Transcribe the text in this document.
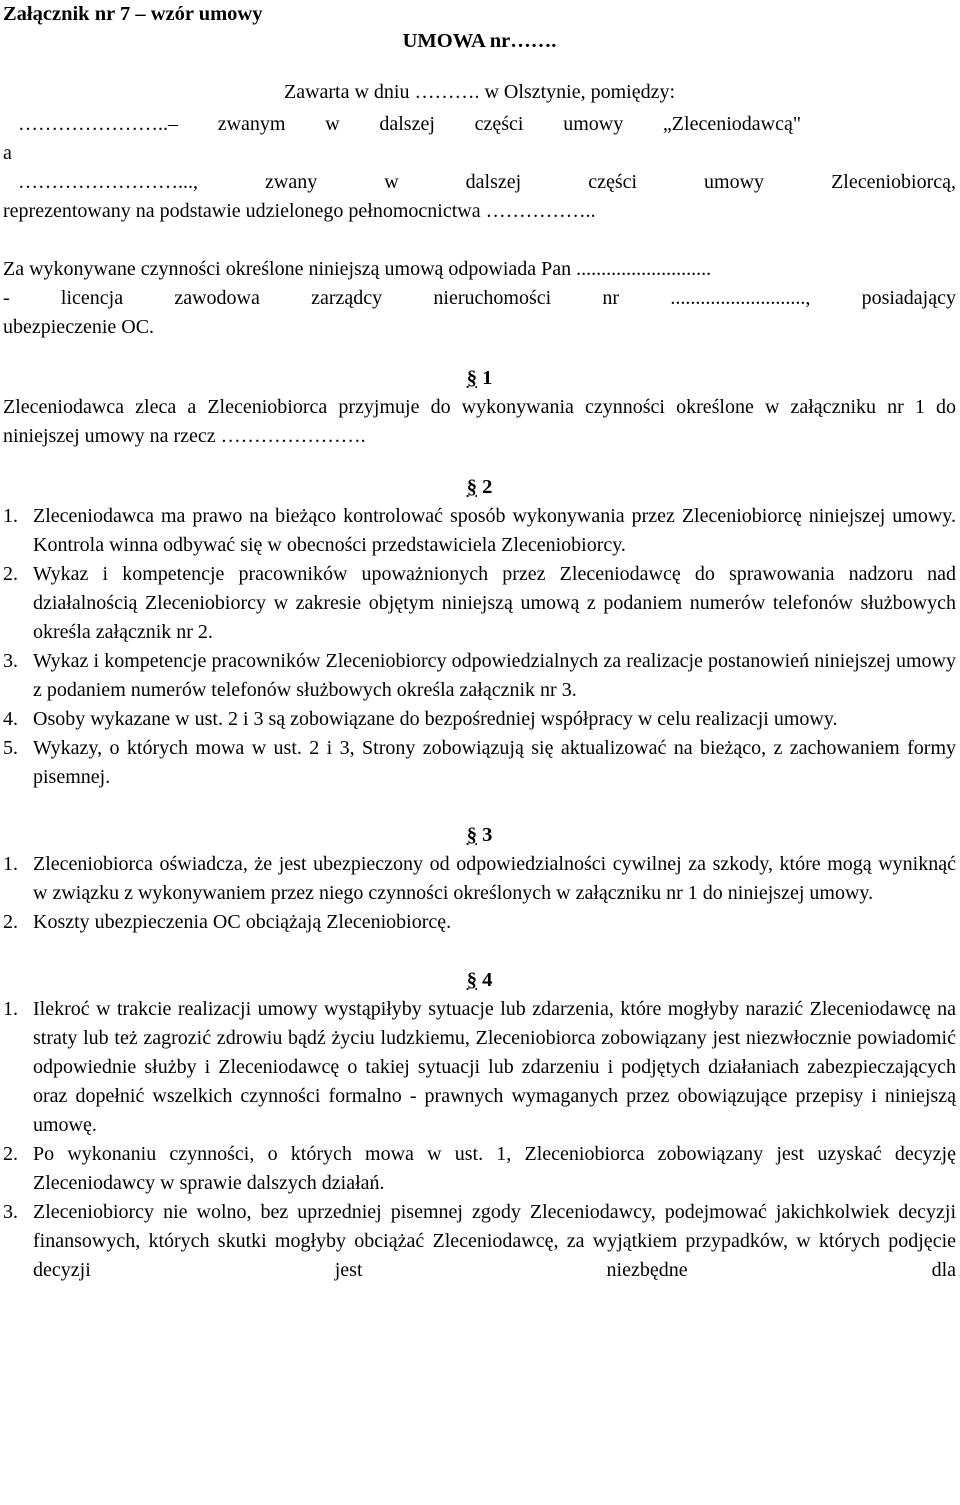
Załącznik nr 7 – wzór umowy
UMOWA nr…….
Zawarta w dniu ………. w Olsztynie, pomiędzy:
…………………..– zwanym w dalszej części umowy „Zleceniodawcą"
a
……………………..., zwany w dalszej części umowy Zleceniobiorcą,
reprezentowany na podstawie udzielonego pełnomocnictwa ……………..
Za wykonywane czynności określone niniejszą umową odpowiada Pan ...........................
- licencja zawodowa zarządcy nieruchomości nr ..........................., posiadający
ubezpieczenie OC.
§ 1
Zleceniodawca zleca a Zleceniobiorca przyjmuje do wykonywania czynności określone w załączniku nr 1 do niniejszej umowy na rzecz ………………….
§ 2
1. Zleceniodawca ma prawo na bieżąco kontrolować sposób wykonywania przez Zleceniobiorcę niniejszej umowy. Kontrola winna odbywać się w obecności przedstawiciela Zleceniobiorcy.
2. Wykaz i kompetencje pracowników upoważnionych przez Zleceniodawcę do sprawowania nadzoru nad działalnością Zleceniobiorcy w zakresie objętym niniejszą umową z podaniem numerów telefonów służbowych określa załącznik nr 2.
3. Wykaz i kompetencje pracowników Zleceniobiorcy odpowiedzialnych za realizacje postanowień niniejszej umowy z podaniem numerów telefonów służbowych określa załącznik nr 3.
4. Osoby wykazane w ust. 2 i 3 są zobowiązane do bezpośredniej współpracy w celu realizacji umowy.
5. Wykazy, o których mowa w ust. 2 i 3, Strony zobowiązują się aktualizować na bieżąco, z zachowaniem formy pisemnej.
§ 3
1. Zleceniobiorca oświadcza, że jest ubezpieczony od odpowiedzialności cywilnej za szkody, które mogą wyniknąć w związku z wykonywaniem przez niego czynności określonych w załączniku nr 1 do niniejszej umowy.
2. Koszty ubezpieczenia OC obciążają Zleceniobiorcę.
§ 4
1. Ilekroć w trakcie realizacji umowy wystąpiłyby sytuacje lub zdarzenia, które mogłyby narazić Zleceniodawcę na straty lub też zagrozić zdrowiu bądź życiu ludzkiemu, Zleceniobiorca zobowiązany jest niezwłocznie powiadomić odpowiednie służby i Zleceniodawcę o takiej sytuacji lub zdarzeniu i podjętych działaniach zabezpieczających oraz dopełnić wszelkich czynności formalno - prawnych wymaganych przez obowiązujące przepisy i niniejszą umowę.
2. Po wykonaniu czynności, o których mowa w ust. 1, Zleceniobiorca zobowiązany jest uzyskać decyzję Zleceniodawcy w sprawie dalszych działań.
3. Zleceniobiorcy nie wolno, bez uprzedniej pisemnej zgody Zleceniodawcy, podejmować jakichkolwiek decyzji finansowych, których skutki mogłyby obciążać Zleceniodawcę, za wyjątkiem przypadków, w których podjęcie decyzji jest niezbędne dla
